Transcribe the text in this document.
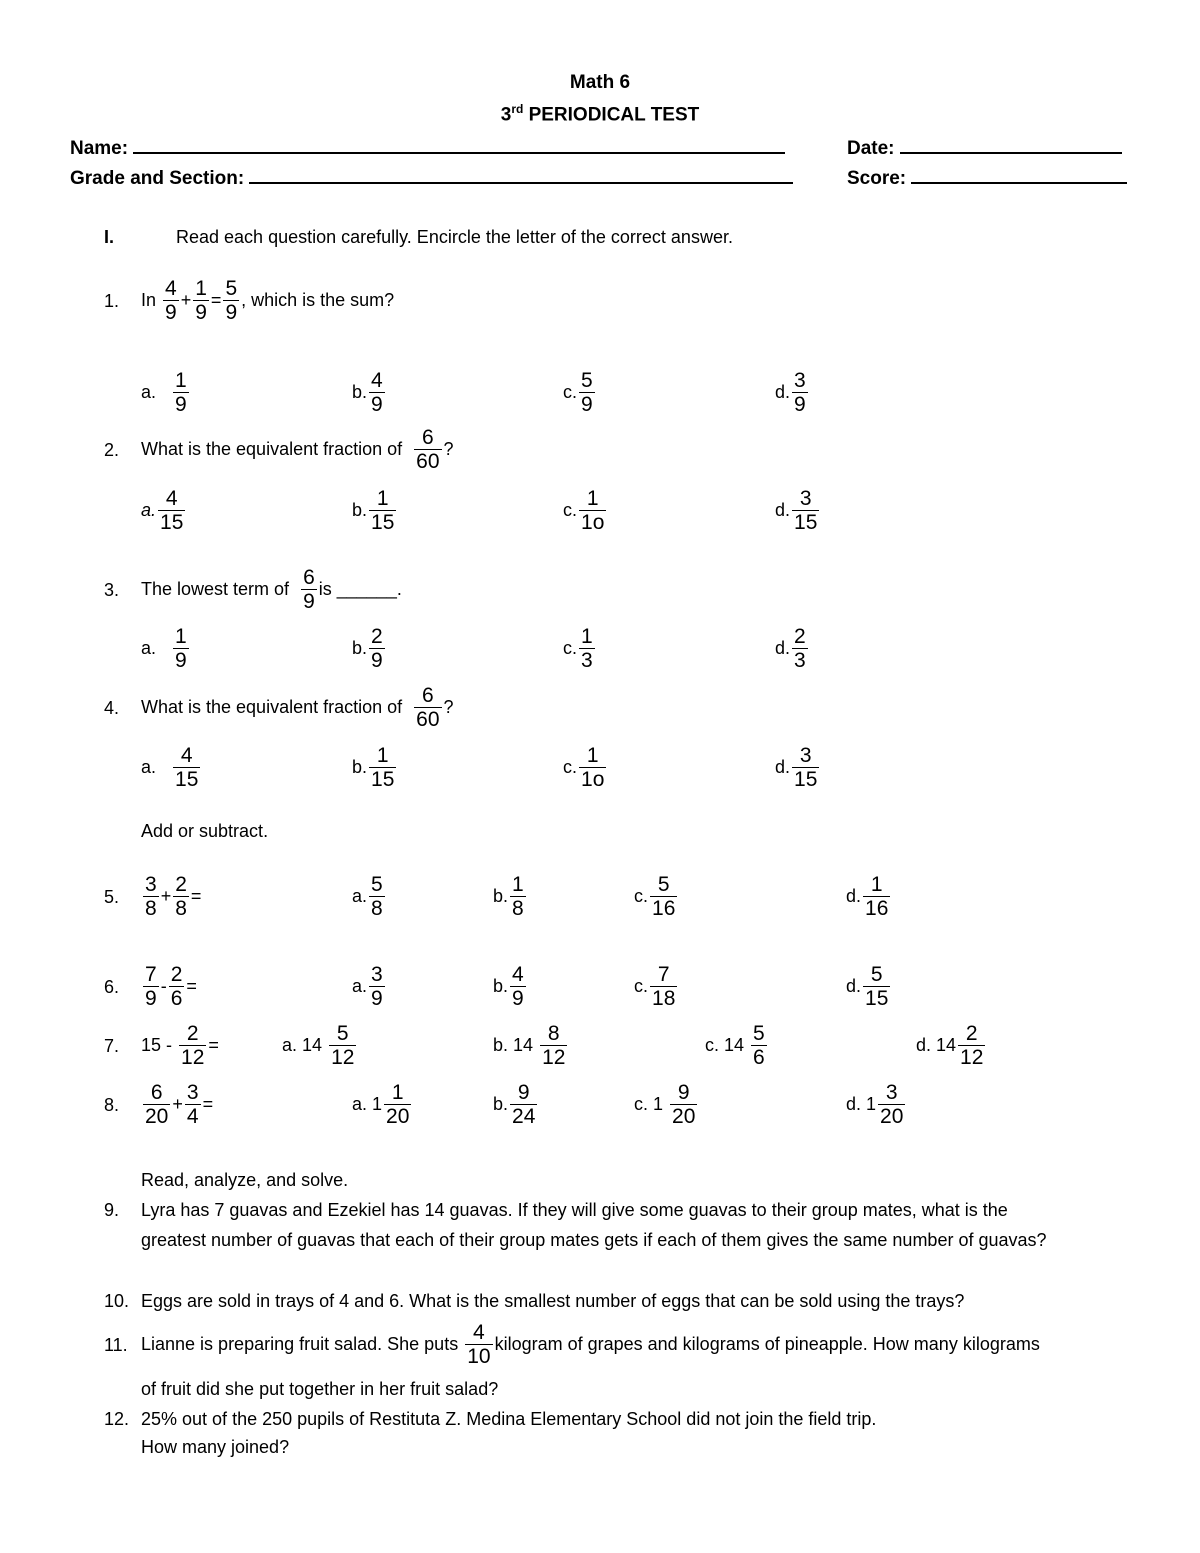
Math 6
3rd PERIODICAL TEST
Name:	Date:
Grade and Section:	Score:
I.	Read each question carefully. Encircle the letter of the correct answer.
1. In
$\frac{4}{9} + \frac{1}{9} = \frac{5}{9}$ , which is the sum?
a.
$\frac{1}{9}$	b. $\frac{4}{9}$	c. $\frac{5}{9}$	d. $\frac{3}{9}$
2. What is the equivalent fraction of
$\frac{6}{60}$ ?
a. $\frac{4}{15}$	b. $\frac{1}{15}$	c. $\frac{1}{1o}$	d. $\frac{3}{15}$
3. The lowest term of
$\frac{6}{9}$ is ______.
a.
$\frac{1}{9}$	b. $\frac{2}{9}$	c. $\frac{1}{3}$	d. $\frac{2}{3}$
4. What is the equivalent fraction of
$\frac{6}{60}$ ?
a.
$\frac{4}{15}$	b. $\frac{1}{15}$	c. $\frac{1}{1o}$	d. $\frac{3}{15}$
Add or subtract.
5. $\frac{3}{8} + \frac{2}{8}$ =	a. $\frac{5}{8}$	b. $\frac{1}{8}$	c. $\frac{5}{16}$	d. $\frac{1}{16}$
6. $\frac{7}{9} - \frac{2}{6}$ =	a. $\frac{3}{9}$	b. $\frac{4}{9}$	c. $\frac{7}{18}$	d. $\frac{5}{15}$
7. 15 -
$\frac{2}{12}$ =	a. 14
$\frac{5}{12}$	b. 14
$\frac{8}{12}$	c. 14
$\frac{5}{6}$	d. $14 \frac{2}{12}$
8. $\frac{6}{20} + \frac{3}{4}$ =	a. $1 \frac{1}{20}$	b. $\frac{9}{24}$	c. 1
$\frac{9}{20}$	d. $1 \frac{3}{20}$
Read, analyze, and solve.
9. Lyra has 7 guavas and Ezekiel has 14 guavas. If they will give some guavas to their group mates, what is the greatest number of guavas that each of their group mates gets if each of them gives the same number of guavas?
10. Eggs are sold in trays of 4 and 6. What is the smallest number of eggs that can be sold using the trays?
11. Lianne is preparing fruit salad. She puts
$\frac{4}{10}$ kilogram of grapes and kilograms of pineapple. How many kilograms
of fruit did she put together in her fruit salad?
12. 25% out of the 250 pupils of Restituta Z. Medina Elementary School did not join the field trip.
How many joined?
